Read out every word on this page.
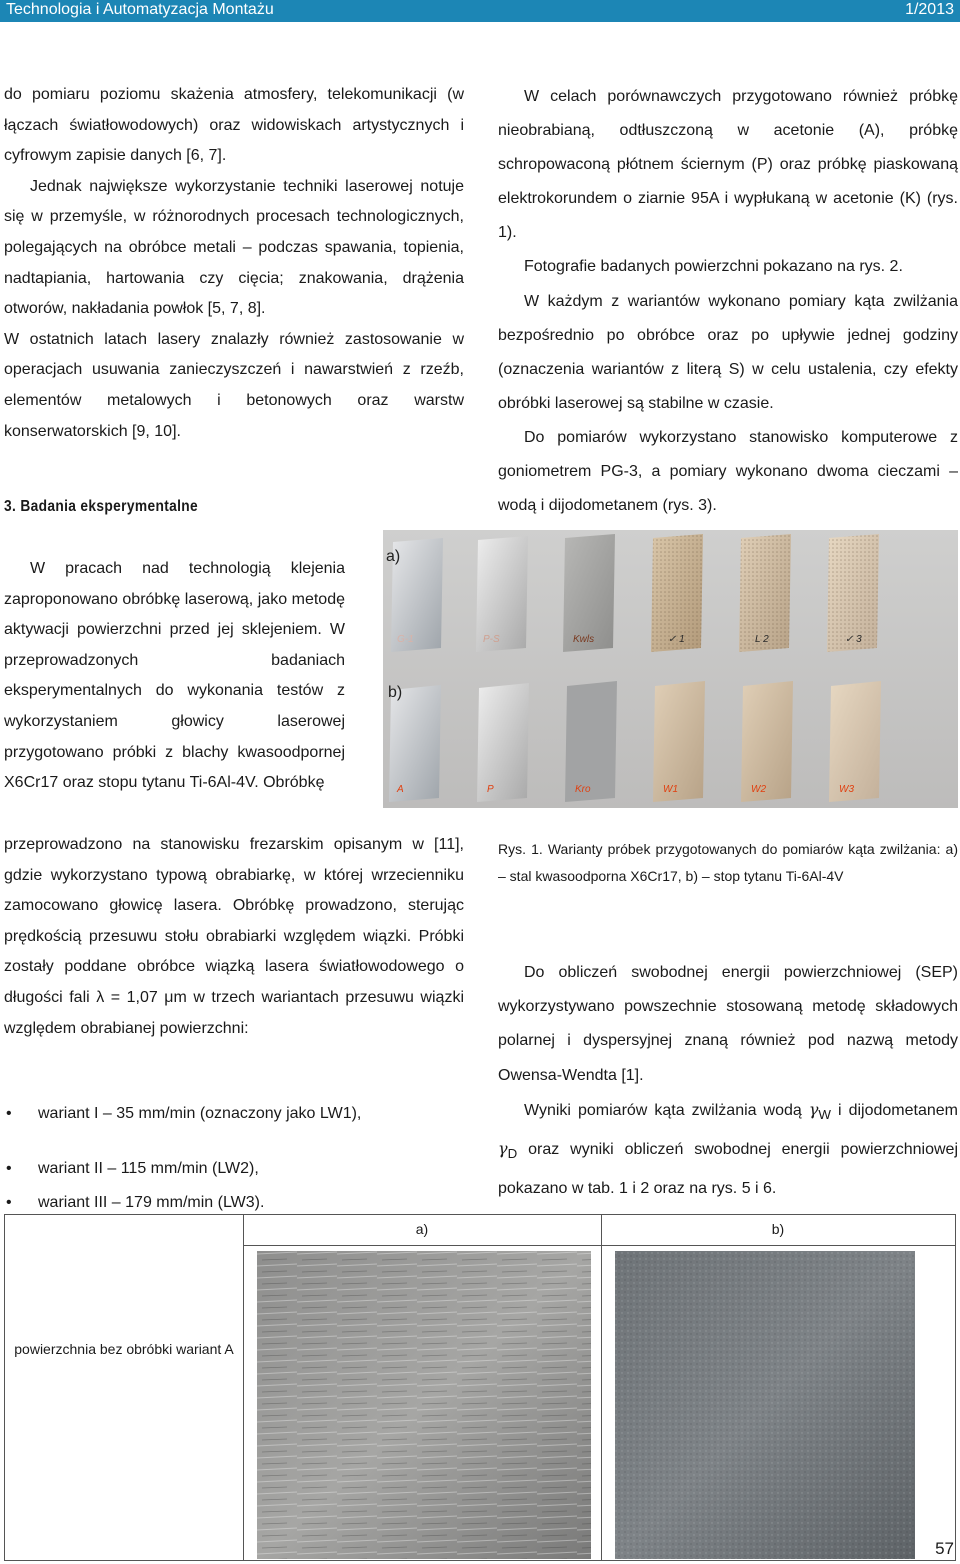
Technologia i Automatyzacja Montażu	1/2013

do pomiaru poziomu skażenia atmosfery, telekomunikacji (w łączach światłowodowych) oraz widowiskach artystycznych i cyfrowym zapisie danych [6, 7].

Jednak największe wykorzystanie techniki laserowej notuje się w przemyśle, w różnorodnych procesach technologicznych, polegających na obróbce metali – podczas spawania, topienia, nadtapiania, hartowania czy cięcia; znakowania, drążenia otworów, nakładania powłok [5, 7, 8].

W ostatnich latach lasery znalazły również zastosowanie w operacjach usuwania zanieczyszczeń i nawarstwień z rzeźb, elementów metalowych i betonowych oraz warstw konserwatorskich [9, 10].

3. Badania eksperymentalne

W pracach nad technologią klejenia zaproponowano obróbkę laserową, jako metodę aktywacji powierzchni przed jej sklejeniem. W przeprowadzonych badaniach eksperymentalnych do wykonania testów z wykorzystaniem głowicy laserowej przygotowano próbki z blachy kwasoodpornej X6Cr17 oraz stopu tytanu Ti-6Al-4V. Obróbkę

przeprowadzono na stanowisku frezarskim opisanym w [11], gdzie wykorzystano typową obrabiarkę, w której wrzecienniku zamocowano głowicę lasera. Obróbkę prowadzono, sterując prędkością przesuwu stołu obrabiarki względem wiązki. Próbki zostały poddane obróbce wiązką lasera światłowodowego o długości fali λ = 1,07 μm w trzech wariantach przesuwu wiązki względem obrabianej powierzchni:

• wariant I – 35 mm/min (oznaczony jako LW1),
• wariant II – 115 mm/min (LW2),
• wariant III – 179 mm/min (LW3).

W celach porównawczych przygotowano również próbkę nieobrabianą, odtłuszczoną w acetonie (A), próbkę schropowaconą płótnem ściernym (P) oraz próbkę piaskowaną elektrokorundem o ziarnie 95A i wypłukaną w acetonie (K) (rys. 1).

Fotografie badanych powierzchni pokazano na rys. 2.

W każdym z wariantów wykonano pomiary kąta zwilżania bezpośrednio po obróbce oraz po upływie jednej godziny (oznaczenia wariantów z literą S) w celu ustalenia, czy efekty obróbki laserowej są stabilne w czasie.

Do pomiarów wykorzystano stanowisko komputerowe z goniometrem PG-3, a pomiary wykonano dwoma cieczami – wodą i dijodometanem (rys. 3).

G-1	P-S	Kwls	✓ 1	L 2	✓ 3
A	P	Kro	W1	W2	W3
a)
b)

Rys. 1. Warianty próbek przygotowanych do pomiarów kąta zwilżania: a) – stal kwasoodporna X6Cr17, b) – stop tytanu Ti-6Al-4V

Do obliczeń swobodnej energii powierzchniowej (SEP) wykorzystywano powszechnie stosowaną metodę składowych polarnej i dyspersyjnej znaną również pod nazwą metody Owensa-Wendta [1].

Wyniki pomiarów kąta zwilżania wodą $\gamma_W$ i dijodometanem $\gamma_D$ oraz wyniki obliczeń swobodnej energii powierzchniowej pokazano w tab. 1 i 2 oraz na rys. 5 i 6.

a)	b)
powierzchnia bez obróbki wariant A
57
